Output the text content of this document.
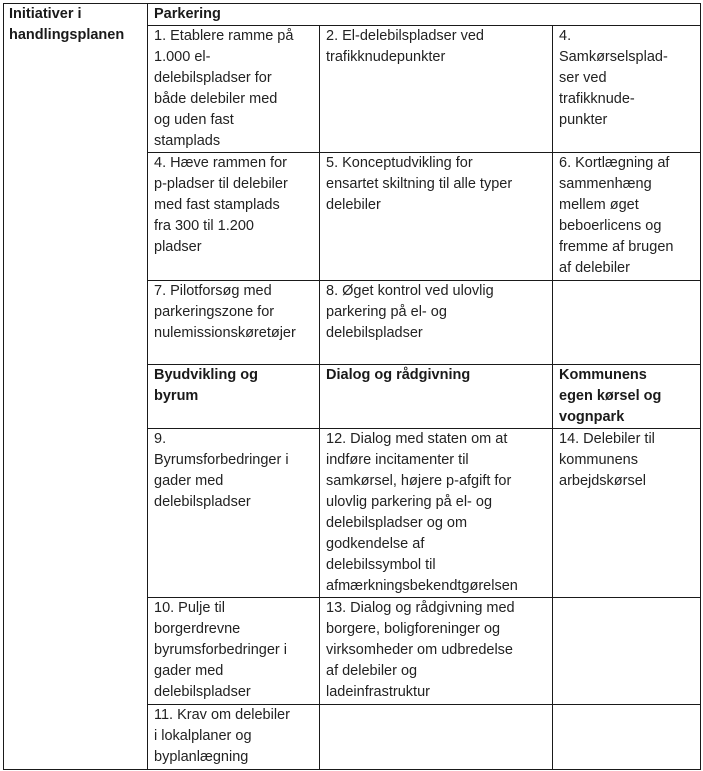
Initiativer i
handlingsplanen
Parkering
1. Etablere ramme på
1.000 el-
delebilspladser for
både delebiler med
og uden fast
stamplads
2. El-delebilspladser ved
trafikknudepunkter
4.
Samkørselsplad-
ser ved
trafikknude-
punkter
4. Hæve rammen for
p-pladser til delebiler
med fast stamplads
fra 300 til 1.200
pladser
5. Konceptudvikling for
ensartet skiltning til alle typer
delebiler
6. Kortlægning af
sammenhæng
mellem øget
beboerlicens og
fremme af brugen
af delebiler
7. Pilotforsøg med
parkeringszone for
nulemissionskøretøjer
8. Øget kontrol ved ulovlig
parkering på el- og
delebilspladser
Byudvikling og
byrum
Dialog og rådgivning	Kommunens
egen kørsel og
vognpark
9.
Byrumsforbedringer i
gader med
delebilspladser
12. Dialog med staten om at
indføre incitamenter til
samkørsel, højere p-afgift for
ulovlig parkering på el- og
delebilspladser og om
godkendelse af
delebilssymbol til
afmærkningsbekendtgørelsen
14. Delebiler til
kommunens
arbejdskørsel
10. Pulje til
borgerdrevne
byrumsforbedringer i
gader med
delebilspladser
13. Dialog og rådgivning med
borgere, boligforeninger og
virksomheder om udbredelse
af delebiler og
ladeinfrastruktur
11. Krav om delebiler
i lokalplaner og
byplanlægning
